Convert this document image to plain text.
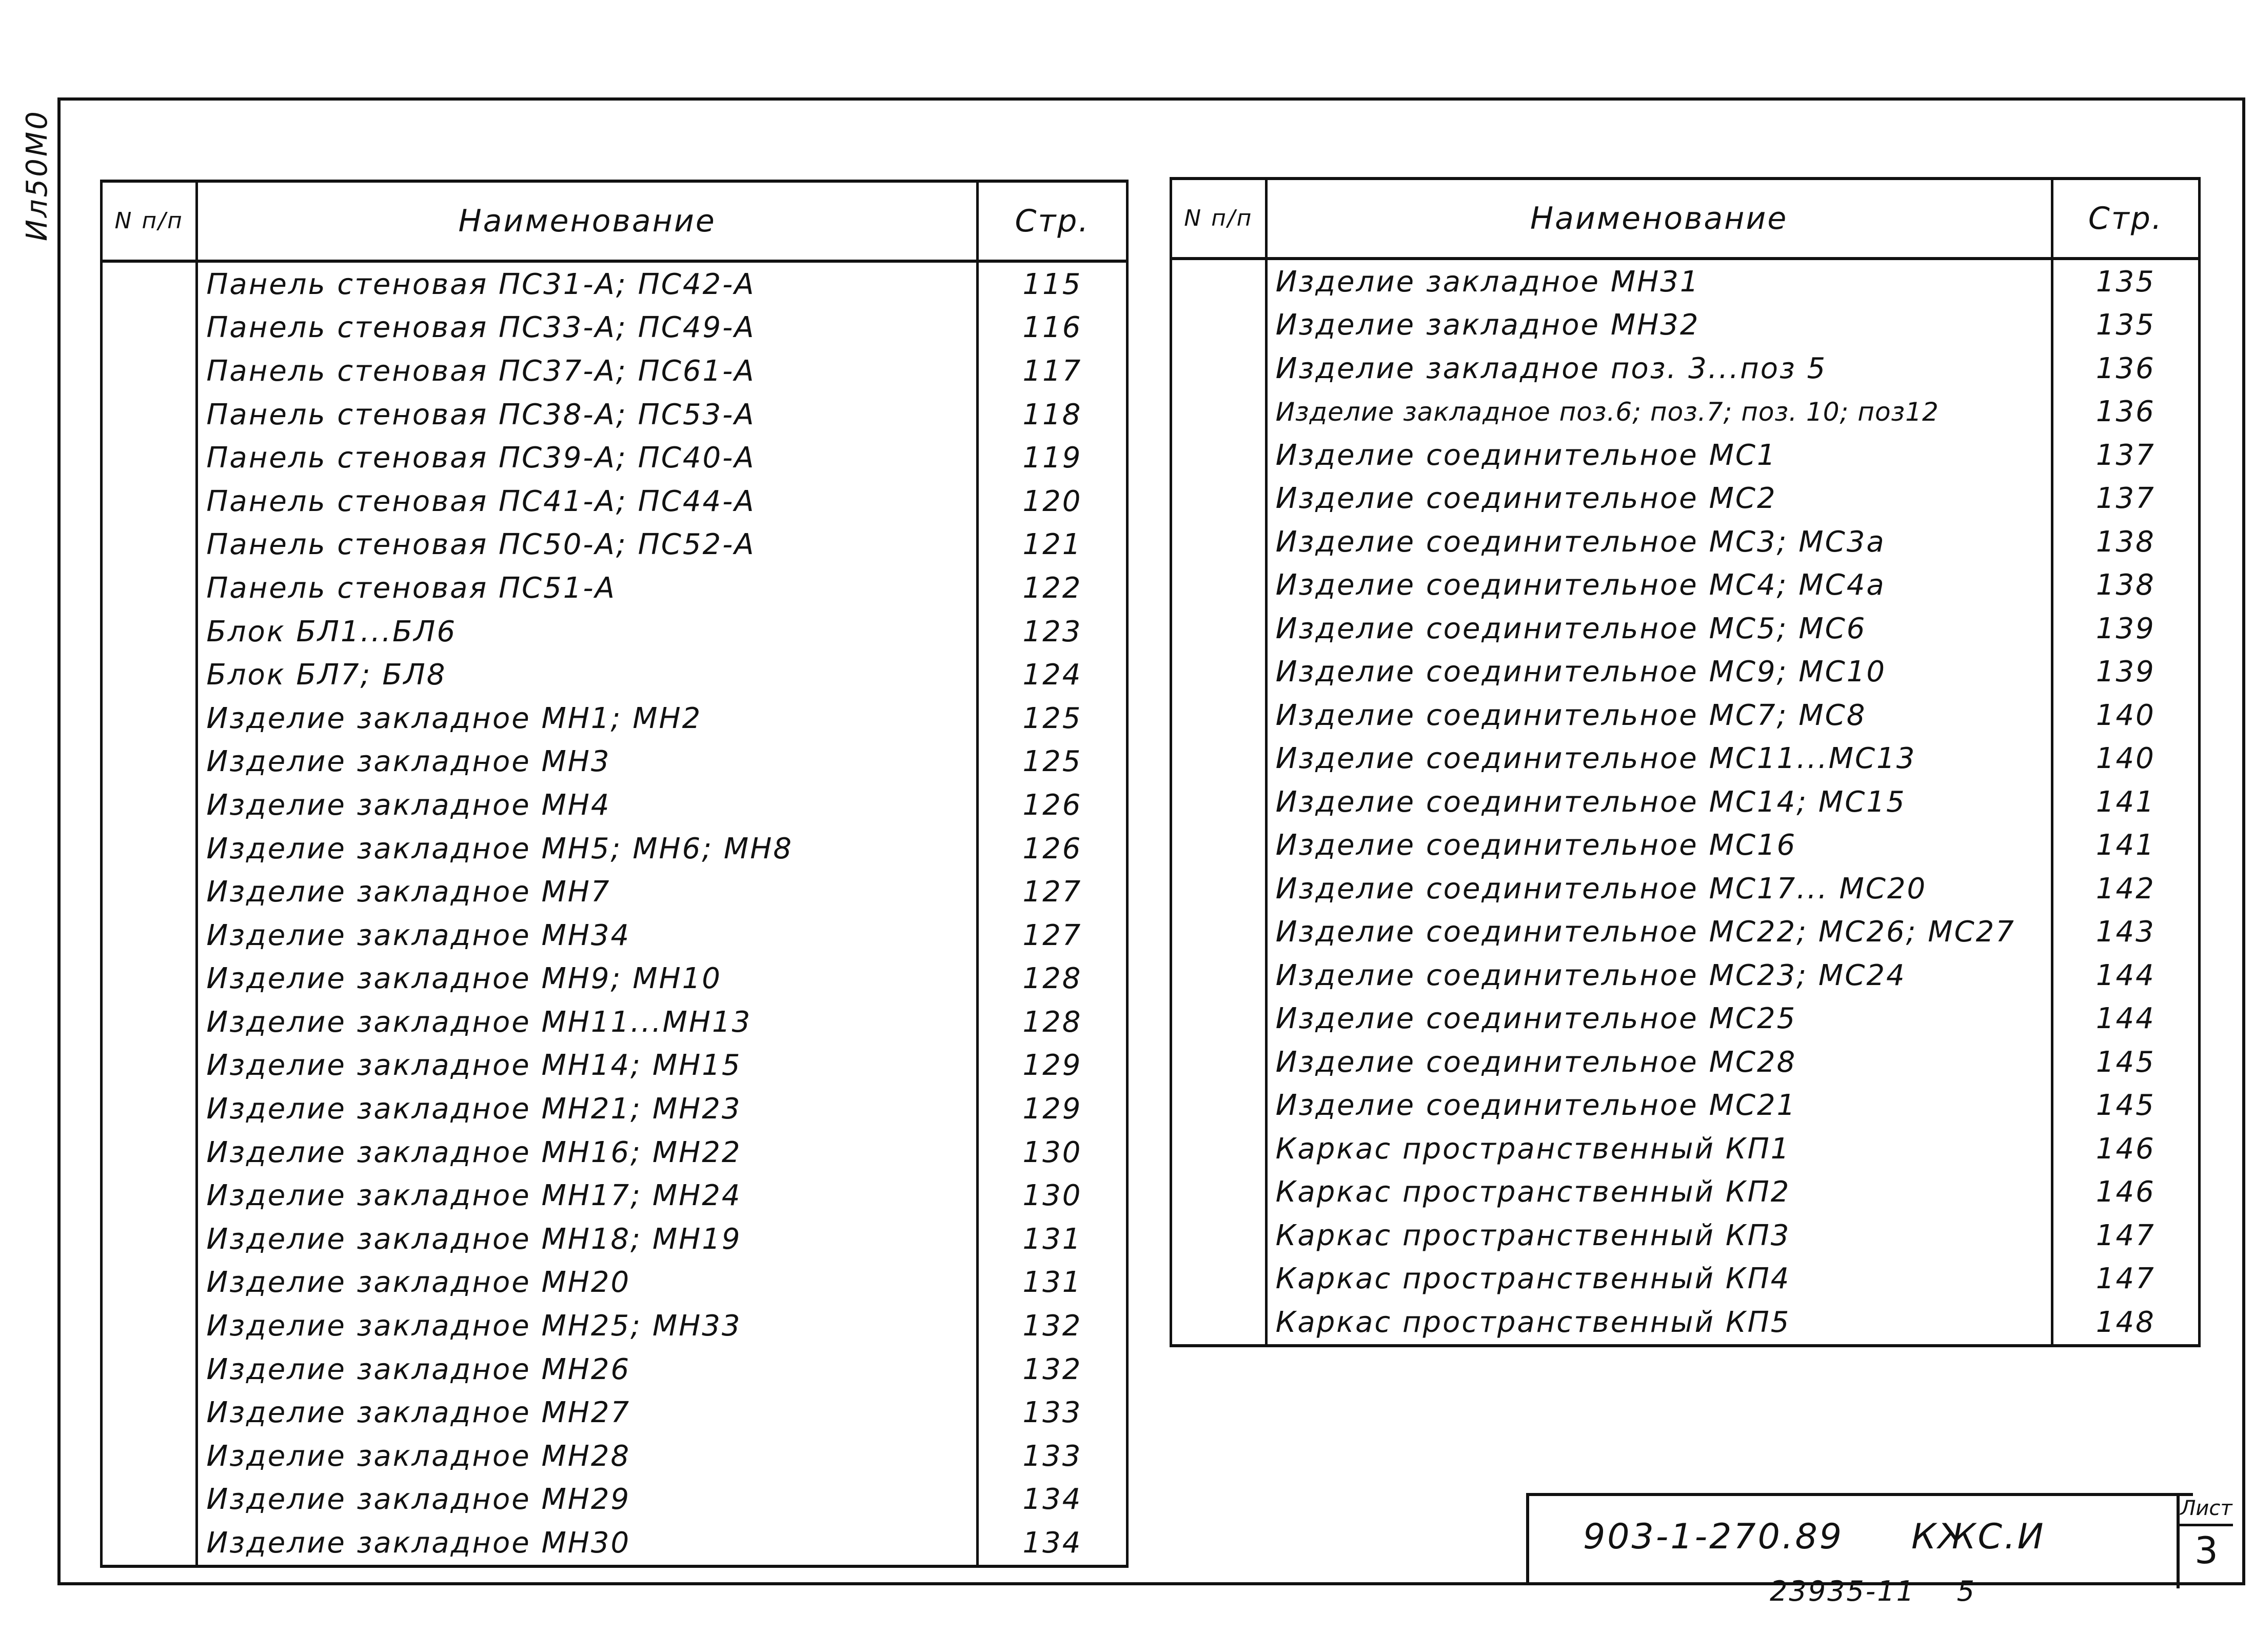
Ил50М0	N п/п	Наименование	Стр.
	Панель стеновая ПС31-А; ПС42-А	115
	Панель стеновая ПС33-А; ПС49-А	116
	Панель стеновая ПС37-А; ПС61-А	117
	Панель стеновая ПС38-А; ПС53-А	118
	Панель стеновая ПС39-А; ПС40-А	119
	Панель стеновая ПС41-А; ПС44-А	120
	Панель стеновая ПС50-А; ПС52-А	121
	Панель стеновая ПС51-А	122
	Блок БЛ1...БЛ6	123
	Блок БЛ7; БЛ8	124
	Изделие закладное МН1; МН2	125
	Изделие закладное МН3	125
	Изделие закладное МН4	126
	Изделие закладное МН5; МН6; МН8	126
	Изделие закладное МН7	127
	Изделие закладное МН34	127
	Изделие закладное МН9; МН10	128
	Изделие закладное МН11...МН13	128
	Изделие закладное МН14; МН15	129
	Изделие закладное МН21; МН23	129
	Изделие закладное МН16; МН22	130
	Изделие закладное МН17; МН24	130
	Изделие закладное МН18; МН19	131
	Изделие закладное МН20	131
	Изделие закладное МН25; МН33	132
	Изделие закладное МН26	132
	Изделие закладное МН27	133
	Изделие закладное МН28	133
	Изделие закладное МН29	134
	Изделие закладное МН30	134
N п/п	Наименование	Стр.
	Изделие закладное МН31	135
	Изделие закладное МН32	135
	Изделие закладное поз. 3...поз 5	136
	Изделие закладное поз.6; поз.7; поз. 10; поз12	136
	Изделие соединительное МС1	137
	Изделие соединительное МС2	137
	Изделие соединительное МС3; МС3а	138
	Изделие соединительное МС4; МС4а	138
	Изделие соединительное МС5; МС6	139
	Изделие соединительное МС9; МС10	139
	Изделие соединительное МС7; МС8	140
	Изделие соединительное МС11...МС13	140
	Изделие соединительное МС14; МС15	141
	Изделие соединительное МС16	141
	Изделие соединительное МС17... МС20	142
	Изделие соединительное МС22; МС26; МС27	143
	Изделие соединительное МС23; МС24	144
	Изделие соединительное МС25	144
	Изделие соединительное МС28	145
	Изделие соединительное МС21	145
	Каркас пространственный КП1	146
	Каркас пространственный КП2	146
	Каркас пространственный КП3	147
	Каркас пространственный КП4	147
	Каркас пространственный КП5	148
903-1-270.89 КЖС.И
Лист
3
23935-11 5
